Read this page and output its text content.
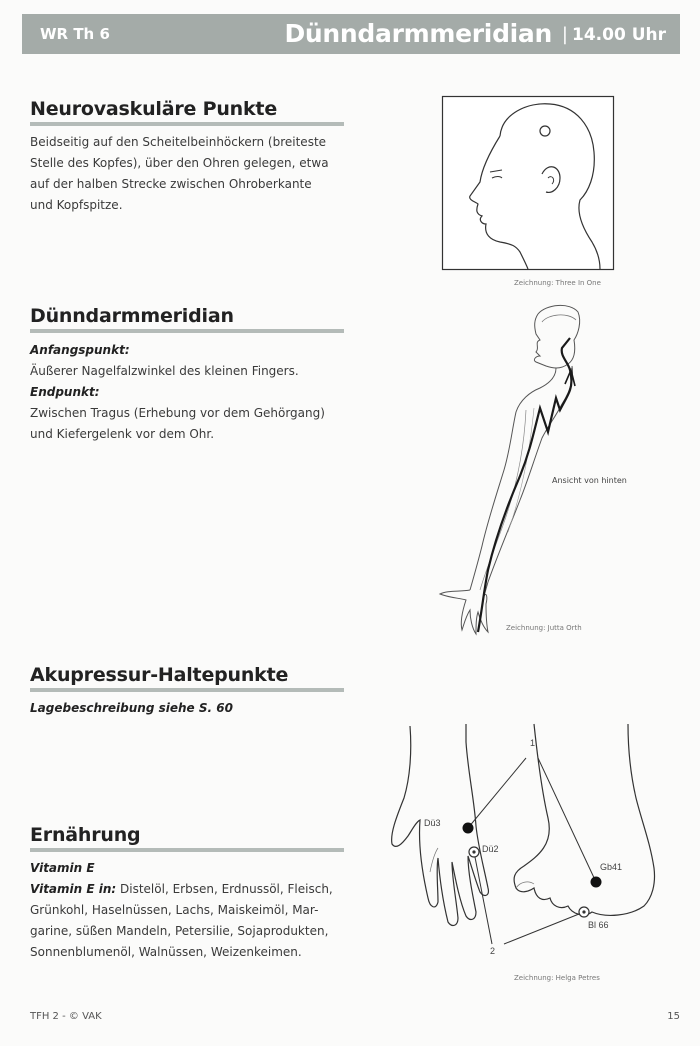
WR Th 6	Dünndarmmeridian | 14.00 Uhr
Neurovaskuläre Punkte
Beidseitig auf den Scheitelbeinhöckern (breiteste
Stelle des Kopfes), über den Ohren gelegen, etwa
auf der halben Strecke zwischen Ohroberkante
und Kopfspitze.
Zeichnung: Three In One
Dünndarmmeridian
Anfangspunkt:
Äußerer Nagelfalzwinkel des kleinen Fingers.
Endpunkt:
Zwischen Tragus (Erhebung vor dem Gehörgang)
und Kiefergelenk vor dem Ohr.
Ansicht von hinten
Zeichnung: Jutta Orth
Akupressur-Haltepunkte
Lagebeschreibung siehe S. 60
1
2
Dü3
Dü2
Gb41
Bl 66
Zeichnung: Helga Petres
Ernährung
Vitamin E
Vitamin E in: Distelöl, Erbsen, Erdnussöl, Fleisch,
Grünkohl, Haselnüssen, Lachs, Maiskeimöl, Mar-
garine, süßen Mandeln, Petersilie, Sojaprodukten,
Sonnenblumenöl, Walnüssen, Weizenkeimen.
TFH 2 - © VAK	15
